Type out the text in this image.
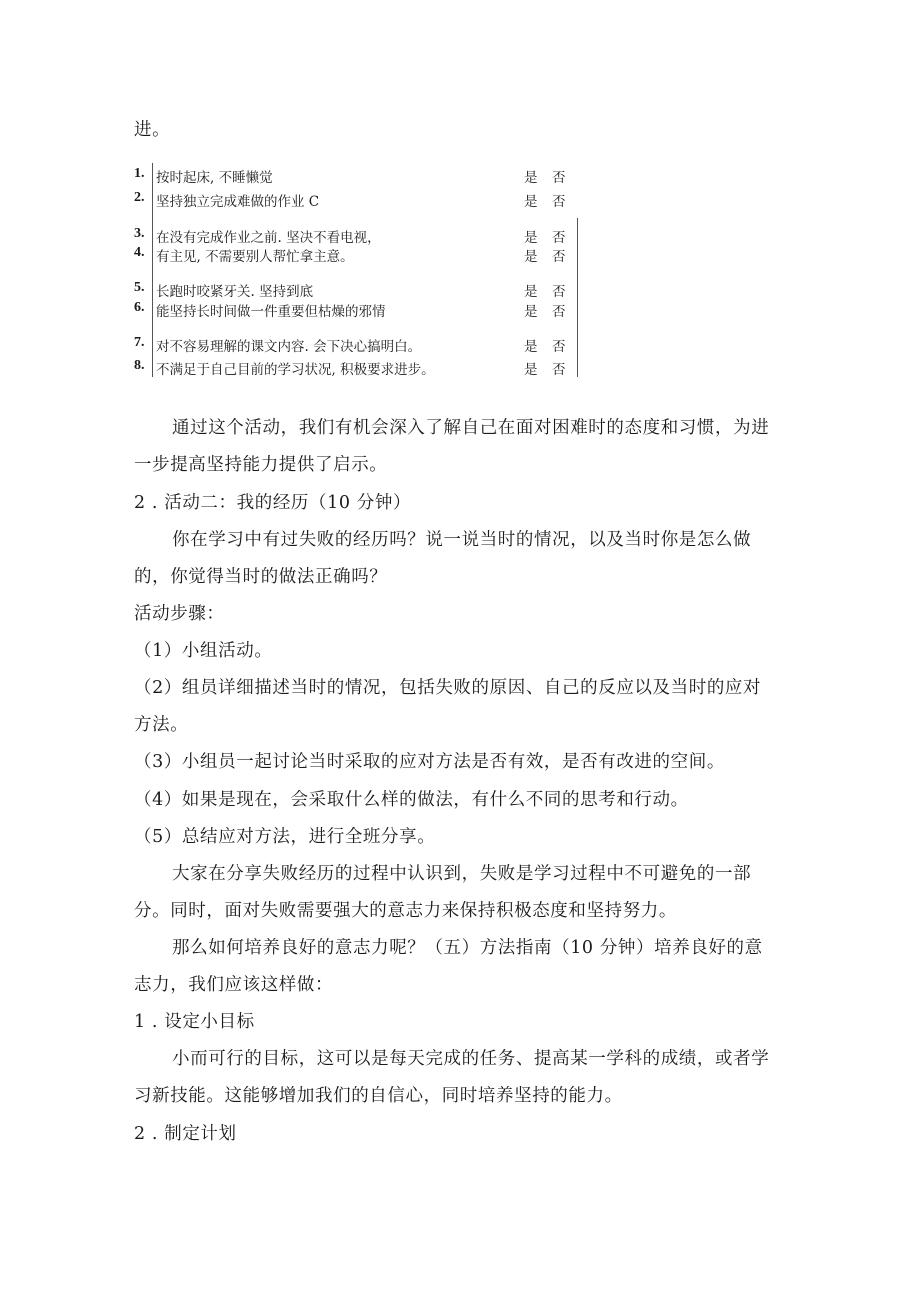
进。
1. 按时起床, 不睡懒觉	是 否
2. 坚持独立完成难做的作业 C	是 否
3. 在没有完成作业之前. 坚决不看电视，	是 否
4. 有主见, 不需要别人帮忙拿主意。	是 否
5. 长跑时咬紧牙关. 坚持到底	是 否
6. 能坚持长时间做一件重要但枯燥的邪情	是 否
7. 对不容易理解的课文内容. 会下决心搞明白。	是 否
8. 不满足于自己目前的学习状况, 积极要求进步。	是 否
通过这个活动，我们有机会深入了解自己在面对困难时的态度和习惯，为进
一步提高坚持能力提供了启示。
2 . 活动二：我的经历（10 分钟）
你在学习中有过失败的经历吗？说一说当时的情况，以及当时你是怎么做
的，你觉得当时的做法正确吗？
活动步骤：
（1）小组活动。
（2）组员详细描述当时的情况，包括失败的原因、自己的反应以及当时的应对
方法。
（3）小组员一起讨论当时采取的应对方法是否有效，是否有改进的空间。
（4）如果是现在，会采取什么样的做法，有什么不同的思考和行动。
（5）总结应对方法，进行全班分享。
大家在分享失败经历的过程中认识到，失败是学习过程中不可避免的一部
分。同时，面对失败需要强大的意志力来保持积极态度和坚持努力。
那么如何培养良好的意志力呢？（五）方法指南（10 分钟）培养良好的意
志力，我们应该这样做：
1 . 设定小目标
小而可行的目标，这可以是每天完成的任务、提高某一学科的成绩，或者学
习新技能。这能够增加我们的自信心，同时培养坚持的能力。
2 . 制定计划
